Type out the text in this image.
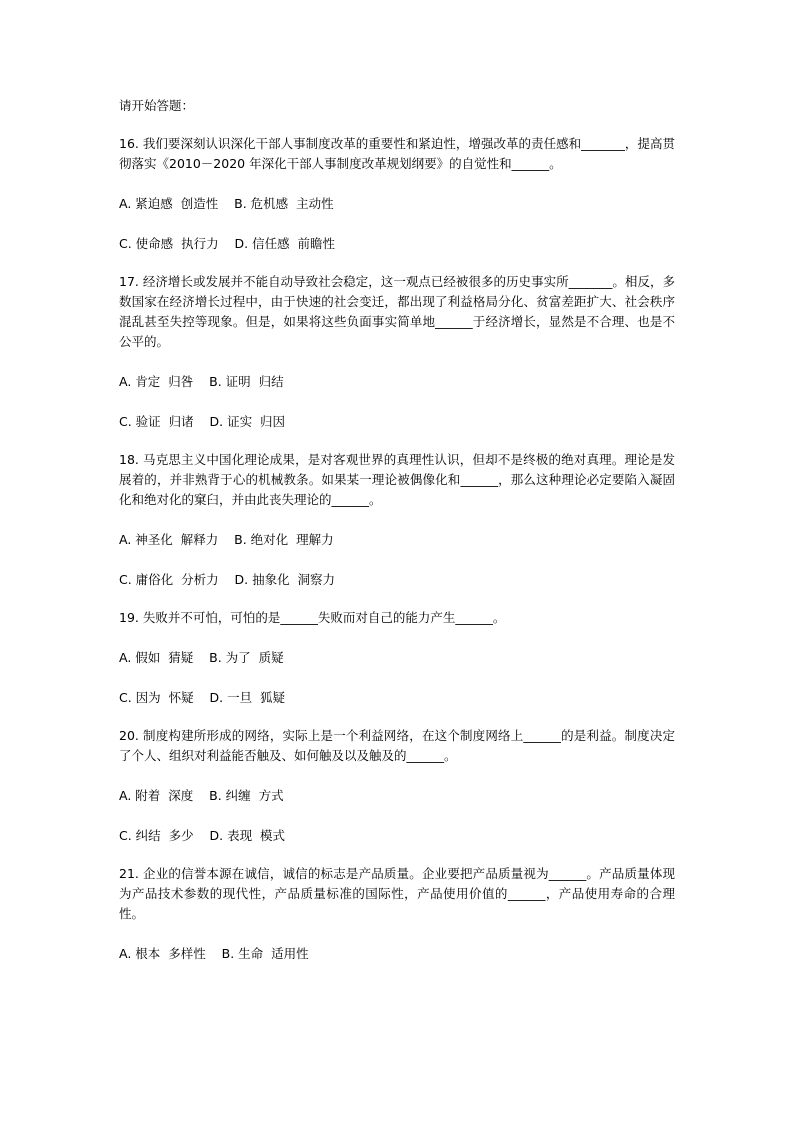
请开始答题：
16. 我们要深刻认识深化干部人事制度改革的重要性和紧迫性，增强改革的责任感和_______，提高贯彻落实《2010－2020 年深化干部人事制度改革规划纲要》的自觉性和______。
A. 紧迫感  创造性    B. 危机感  主动性
C. 使命感  执行力    D. 信任感  前瞻性
17. 经济增长或发展并不能自动导致社会稳定，这一观点已经被很多的历史事实所_______。相反，多数国家在经济增长过程中，由于快速的社会变迁，都出现了利益格局分化、贫富差距扩大、社会秩序混乱甚至失控等现象。但是，如果将这些负面事实简单地______于经济增长，显然是不合理、也是不公平的。
A. 肯定  归咎    B. 证明  归结
C. 验证  归诸    D. 证实  归因
18. 马克思主义中国化理论成果，是对客观世界的真理性认识，但却不是终极的绝对真理。理论是发展着的，并非熟背于心的机械教条。如果某一理论被偶像化和______，那么这种理论必定要陷入凝固化和绝对化的窠臼，并由此丧失理论的______。
A. 神圣化  解释力    B. 绝对化  理解力
C. 庸俗化  分析力    D. 抽象化  洞察力
19. 失败并不可怕，可怕的是______失败而对自己的能力产生______。
A. 假如  猜疑    B. 为了  质疑
C. 因为  怀疑    D. 一旦  狐疑
20. 制度构建所形成的网络，实际上是一个利益网络，在这个制度网络上______的是利益。制度决定了个人、组织对利益能否触及、如何触及以及触及的______。
A. 附着  深度    B. 纠缠  方式
C. 纠结  多少    D. 表现  模式
21. 企业的信誉本源在诚信，诚信的标志是产品质量。企业要把产品质量视为______。产品质量体现为产品技术参数的现代性，产品质量标准的国际性，产品使用价值的______，产品使用寿命的合理性。
A. 根本  多样性    B. 生命  适用性
